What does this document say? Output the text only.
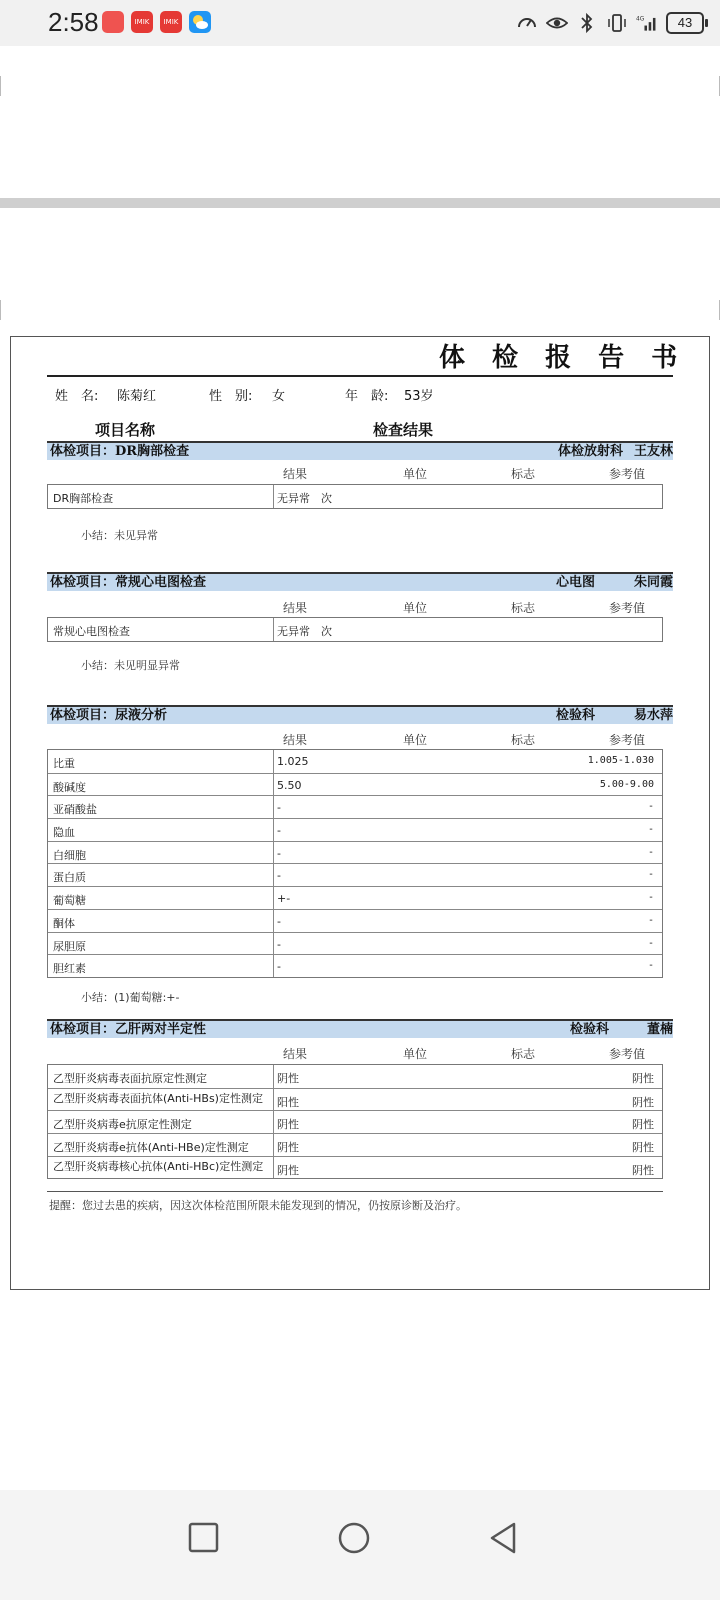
2:58	IMIK	IMIK	4G	43
体 检 报 告 书
姓　名: 陈菊红	性　别: 女	年　龄: 53岁
项目名称	检查结果
体检项目：DR胸部检查	体检放射科 王友林
结果	单位	标志	参考值
DR胸部检查	无异常　次
小结：未见异常
体检项目：常规心电图检查	心电图	朱同霞
结果	单位	标志	参考值
常规心电图检查	无异常　次
小结：未见明显异常
体检项目：尿液分析	检验科	易水萍
结果	单位	标志	参考值
比重	1.025	1.005-1.030
酸碱度	5.50	5.00-9.00
亚硝酸盐	-	-
隐血	-	-
白细胞	-	-
蛋白质	-	-
葡萄糖	+-	-
酮体	-	-
尿胆原	-	-
胆红素	-	-
小结：(1)葡萄糖:+-
体检项目：乙肝两对半定性	检验科	董楠
结果	单位	标志	参考值
乙型肝炎病毒表面抗原定性测定	阴性	阴性
乙型肝炎病毒表面抗体(Anti-HBs)定性测定 阳性	阴性
乙型肝炎病毒e抗原定性测定	阴性	阴性
乙型肝炎病毒e抗体(Anti-HBe)定性测定	阴性	阴性
乙型肝炎病毒核心抗体(Anti-HBc)定性测定 阴性	阴性
提醒：您过去患的疾病，因这次体检范围所限未能发现到的情况，仍按原诊断及治疗。
